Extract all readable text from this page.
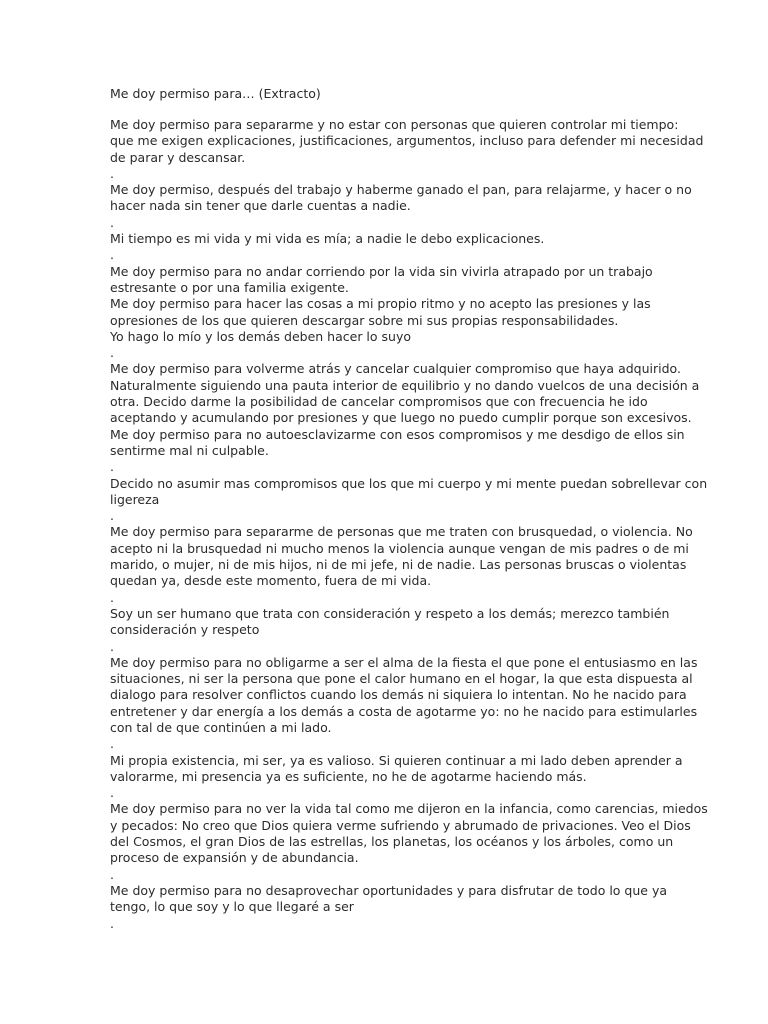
Me doy permiso para… (Extracto)
Me doy permiso para separarme y no estar con personas que quieren controlar mi tiempo:
que me exigen explicaciones, justificaciones, argumentos, incluso para defender mi necesidad
de parar y descansar.
.
Me doy permiso, después del trabajo y haberme ganado el pan, para relajarme, y hacer o no
hacer nada sin tener que darle cuentas a nadie.
.
Mi tiempo es mi vida y mi vida es mía; a nadie le debo explicaciones.
.
Me doy permiso para no andar corriendo por la vida sin vivirla atrapado por un trabajo
estresante o por una familia exigente.
Me doy permiso para hacer las cosas a mi propio ritmo y no acepto las presiones y las
opresiones de los que quieren descargar sobre mi sus propias responsabilidades.
Yo hago lo mío y los demás deben hacer lo suyo
.
Me doy permiso para volverme atrás y cancelar cualquier compromiso que haya adquirido.
Naturalmente siguiendo una pauta interior de equilibrio y no dando vuelcos de una decisión a
otra. Decido darme la posibilidad de cancelar compromisos que con frecuencia he ido
aceptando y acumulando por presiones y que luego no puedo cumplir porque son excesivos.
Me doy permiso para no autoesclavizarme con esos compromisos y me desdigo de ellos sin
sentirme mal ni culpable.
.
Decido no asumir mas compromisos que los que mi cuerpo y mi mente puedan sobrellevar con
ligereza
.
Me doy permiso para separarme de personas que me traten con brusquedad, o violencia. No
acepto ni la brusquedad ni mucho menos la violencia aunque vengan de mis padres o de mi
marido, o mujer, ni de mis hijos, ni de mi jefe, ni de nadie. Las personas bruscas o violentas
quedan ya, desde este momento, fuera de mi vida.
.
Soy un ser humano que trata con consideración y respeto a los demás; merezco también
consideración y respeto
.
Me doy permiso para no obligarme a ser el alma de la fiesta el que pone el entusiasmo en las
situaciones, ni ser la persona que pone el calor humano en el hogar, la que esta dispuesta al
dialogo para resolver conflictos cuando los demás ni siquiera lo intentan. No he nacido para
entretener y dar energía a los demás a costa de agotarme yo: no he nacido para estimularles
con tal de que continúen a mi lado.
.
Mi propia existencia, mi ser, ya es valioso. Si quieren continuar a mi lado deben aprender a
valorarme, mi presencia ya es suficiente, no he de agotarme haciendo más.
.
Me doy permiso para no ver la vida tal como me dijeron en la infancia, como carencias, miedos
y pecados: No creo que Dios quiera verme sufriendo y abrumado de privaciones. Veo el Dios
del Cosmos, el gran Dios de las estrellas, los planetas, los océanos y los árboles, como un
proceso de expansión y de abundancia.
.
Me doy permiso para no desaprovechar oportunidades y para disfrutar de todo lo que ya
tengo, lo que soy y lo que llegaré a ser
.
